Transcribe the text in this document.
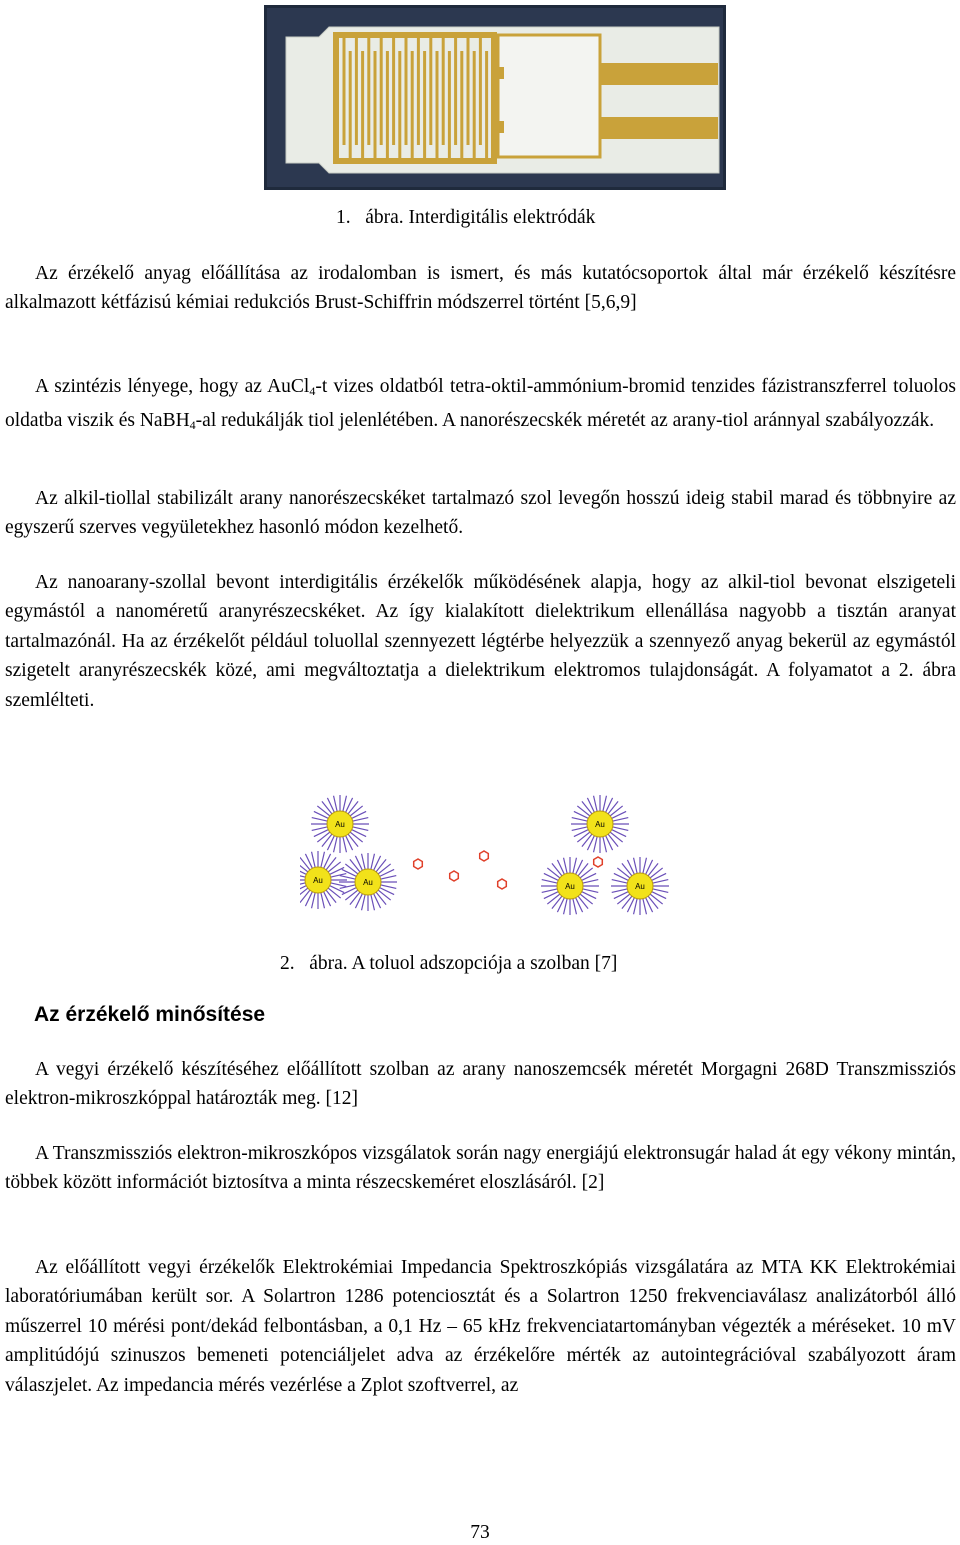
1. ábra. Interdigitális elektródák

Az érzékelő anyag előállítása az irodalomban is ismert, és más kutatócsoportok által már érzékelő készítésre alkalmazott kétfázisú kémiai redukciós Brust-Schiffrin módszerrel történt [5,6,9]

A szintézis lényege, hogy az AuCl$_4$-t vizes oldatból tetra-oktil-ammónium-bromid tenzides fázistranszferrel toluolos oldatba viszik és NaBH$_4$-al redukálják tiol jelenlétében. A nanorészecskék méretét az arany-tiol aránnyal szabályozzák.

Az alkil-tiollal stabilizált arany nanorészecskéket tartalmazó szol levegőn hosszú ideig stabil marad és többnyire az egyszerű szerves vegyületekhez hasonló módon kezelhető.

Az nanoarany-szollal bevont interdigitális érzékelők működésének alapja, hogy az alkil-tiol bevonat elszigeteli egymástól a nanoméretű aranyrészecskéket. Az így kialakított dielektrikum ellenállása nagyobb a tisztán aranyat tartalmazónál. Ha az érzékelőt például toluollal szennyezett légtérbe helyezzük a szennyező anyag bekerül az egymástól szigetelt aranyrészecskék közé, ami megváltoztatja a dielektrikum elektromos tulajdonságát. A folyamatot a 2. ábra szemlélteti.

Au
Au	Au
Au
Au	Au
2. ábra. A toluol adszopciója a szolban [7]
Az érzékelő minősítése

A vegyi érzékelő készítéséhez előállított szolban az arany nanoszemcsék méretét Morgagni 268D Transzmissziós elektron-mikroszkóppal határozták meg. [12]

A Transzmissziós elektron-mikroszkópos vizsgálatok során nagy energiájú elektronsugár halad át egy vékony mintán, többek között információt biztosítva a minta részecskeméret eloszlásáról. [2]

Az előállított vegyi érzékelők Elektrokémiai Impedancia Spektroszkópiás vizsgálatára az MTA KK Elektrokémiai laboratóriumában került sor. A Solartron 1286 potenciosztát és a Solartron 1250 frekvenciaválasz analizátorból álló műszerrel 10 mérési pont/dekád felbontásban, a 0,1 Hz – 65 kHz frekvenciatartományban végezték a méréseket. 10 mV amplitúdójú szinuszos bemeneti potenciáljelet adva az érzékelőre mérték az autointegrációval szabályozott áram válaszjelet. Az impedancia mérés vezérlése a Zplot szoftverrel, az

73
